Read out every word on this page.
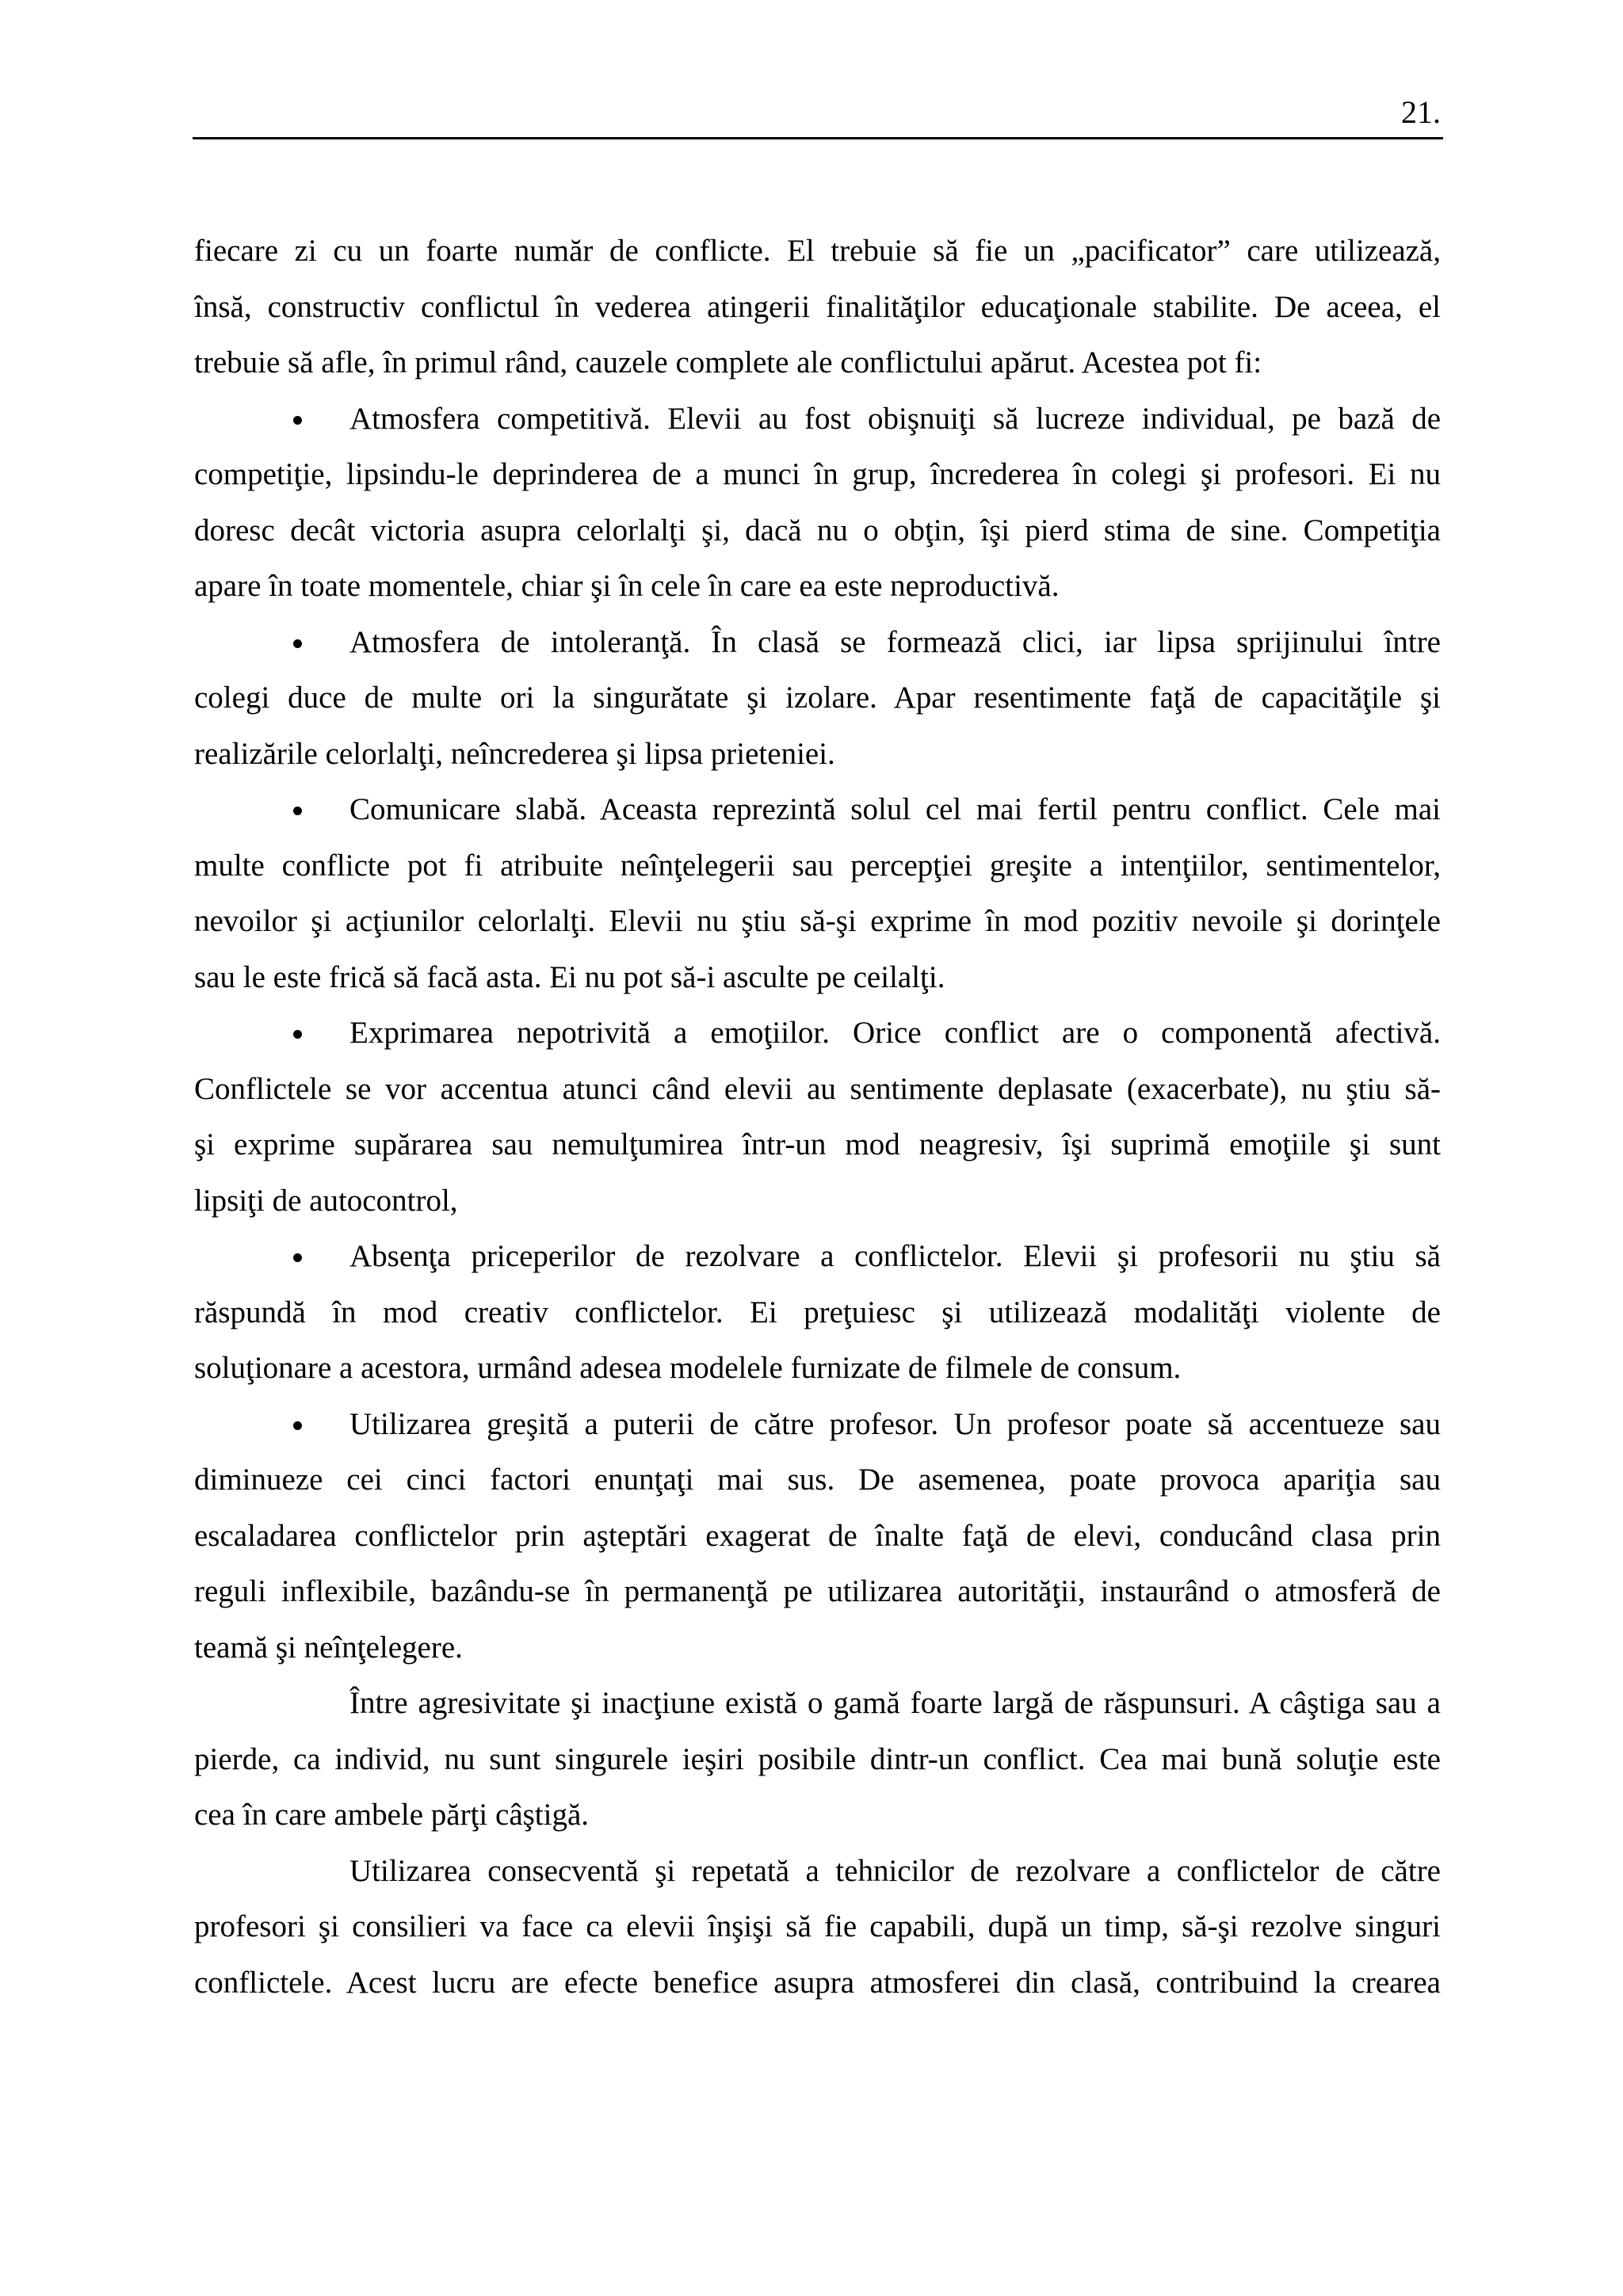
21.
fiecare zi cu un foarte număr de conflicte. El trebuie să fie un „pacificator” care utilizează,
însă, constructiv conflictul în vederea atingerii finalităţilor educaţionale stabilite. De aceea, el
trebuie să afle, în primul rând, cauzele complete ale conflictului apărut. Acestea pot fi:
Atmosfera competitivă. Elevii au fost obişnuiţi să lucreze individual, pe bază de
competiţie, lipsindu-le deprinderea de a munci în grup, încrederea în colegi şi profesori. Ei nu
doresc decât victoria asupra celorlalţi şi, dacă nu o obţin, îşi pierd stima de sine. Competiţia
apare în toate momentele, chiar şi în cele în care ea este neproductivă.
Atmosfera de intoleranţă. În clasă se formează clici, iar lipsa sprijinului între
colegi duce de multe ori la singurătate şi izolare. Apar resentimente faţă de capacităţile şi
realizările celorlalţi, neîncrederea şi lipsa prieteniei.
Comunicare slabă. Aceasta reprezintă solul cel mai fertil pentru conflict. Cele mai
multe conflicte pot fi atribuite neînţelegerii sau percepţiei greşite a intenţiilor, sentimentelor,
nevoilor şi acţiunilor celorlalţi. Elevii nu ştiu să-şi exprime în mod pozitiv nevoile şi dorinţele
sau le este frică să facă asta. Ei nu pot să-i asculte pe ceilalţi.
Exprimarea nepotrivită a emoţiilor. Orice conflict are o componentă afectivă.
Conflictele se vor accentua atunci când elevii au sentimente deplasate (exacerbate), nu ştiu să-
şi exprime supărarea sau nemulţumirea într-un mod neagresiv, îşi suprimă emoţiile şi sunt
lipsiţi de autocontrol,
Absenţa priceperilor de rezolvare a conflictelor. Elevii şi profesorii nu ştiu să
răspundă în mod creativ conflictelor. Ei preţuiesc şi utilizează modalităţi violente de
soluţionare a acestora, urmând adesea modelele furnizate de filmele de consum.
Utilizarea greşită a puterii de către profesor. Un profesor poate să accentueze sau
diminueze cei cinci factori enunţaţi mai sus. De asemenea, poate provoca apariţia sau
escaladarea conflictelor prin aşteptări exagerat de înalte faţă de elevi, conducând clasa prin
reguli inflexibile, bazându-se în permanenţă pe utilizarea autorităţii, instaurând o atmosferă de
teamă şi neînţelegere.
Între agresivitate şi inacţiune există o gamă foarte largă de răspunsuri. A câştiga sau a
pierde, ca individ, nu sunt singurele ieşiri posibile dintr-un conflict. Cea mai bună soluţie este
cea în care ambele părţi câştigă.
Utilizarea consecventă şi repetată a tehnicilor de rezolvare a conflictelor de către
profesori şi consilieri va face ca elevii înşişi să fie capabili, după un timp, să-şi rezolve singuri
conflictele. Acest lucru are efecte benefice asupra atmosferei din clasă, contribuind la crearea
